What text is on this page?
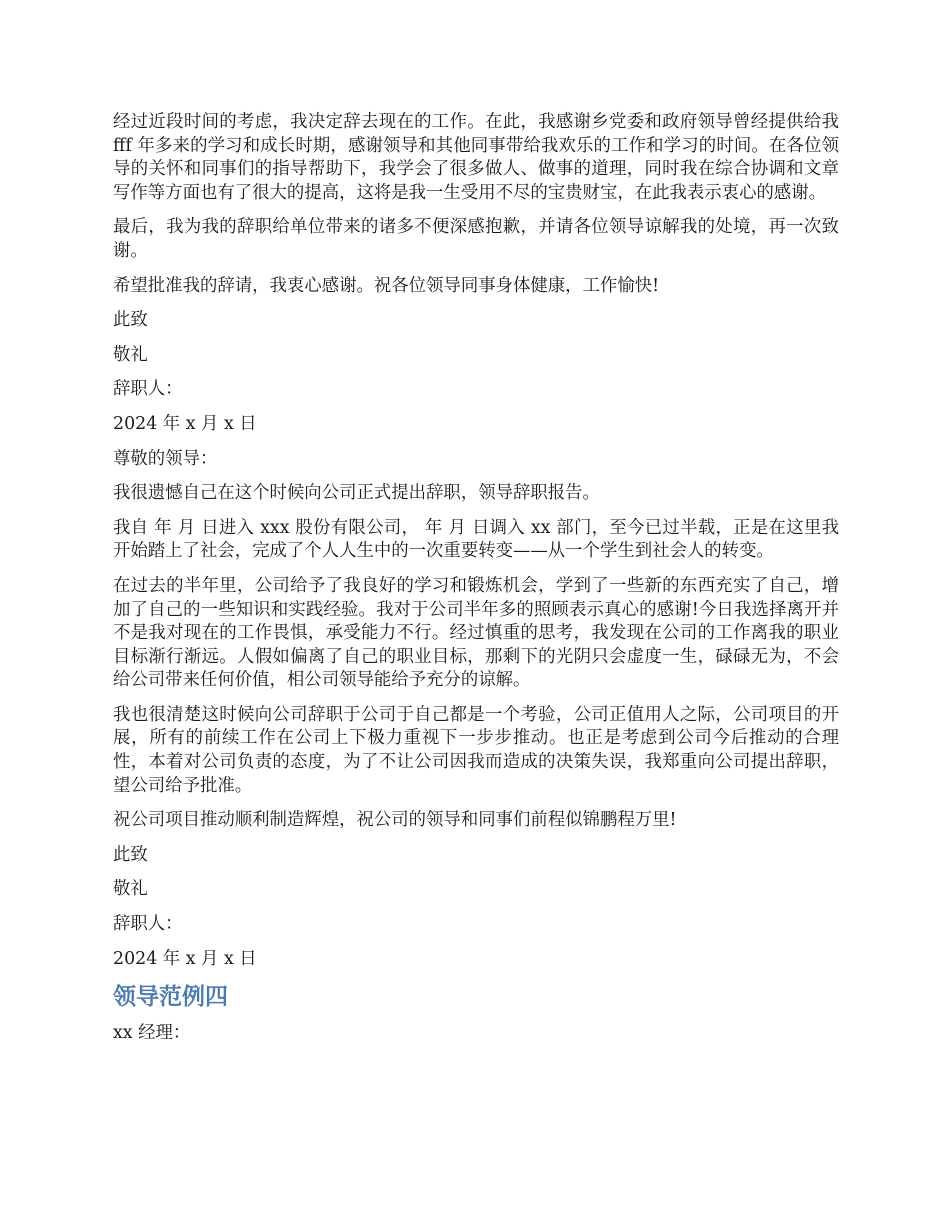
经过近段时间的考虑，我决定辞去现在的工作。在此，我感谢乡党委和政府领导曾经提供给我 fff 年多来的学习和成长时期，感谢领导和其他同事带给我欢乐的工作和学习的时间。在各位领导的关怀和同事们的指导帮助下，我学会了很多做人、做事的道理，同时我在综合协调和文章写作等方面也有了很大的提高，这将是我一生受用不尽的宝贵财宝，在此我表示衷心的感谢。

最后，我为我的辞职给单位带来的诸多不便深感抱歉，并请各位领导谅解我的处境，再一次致谢。

希望批准我的辞请，我衷心感谢。祝各位领导同事身体健康，工作愉快!

此致

敬礼

辞职人：

2024 年 x 月 x 日

尊敬的领导：

我很遗憾自己在这个时候向公司正式提出辞职，领导辞职报告。

我自 年 月 日进入 xxx 股份有限公司， 年 月 日调入 xx 部门，至今已过半载，正是在这里我开始踏上了社会，完成了个人人生中的一次重要转变——从一个学生到社会人的转变。

在过去的半年里，公司给予了我良好的学习和锻炼机会，学到了一些新的东西充实了自己，增加了自己的一些知识和实践经验。我对于公司半年多的照顾表示真心的感谢!今日我选择离开并不是我对现在的工作畏惧，承受能力不行。经过慎重的思考，我发现在公司的工作离我的职业目标渐行渐远。人假如偏离了自己的职业目标，那剩下的光阴只会虚度一生，碌碌无为，不会给公司带来任何价值，相公司领导能给予充分的谅解。

我也很清楚这时候向公司辞职于公司于自己都是一个考验，公司正值用人之际，公司项目的开展，所有的前续工作在公司上下极力重视下一步步推动。也正是考虑到公司今后推动的合理性，本着对公司负责的态度，为了不让公司因我而造成的决策失误，我郑重向公司提出辞职，望公司给予批准。

祝公司项目推动顺利制造辉煌，祝公司的领导和同事们前程似锦鹏程万里!

此致

敬礼

辞职人：

2024 年 x 月 x 日

领导范例四

xx 经理：
